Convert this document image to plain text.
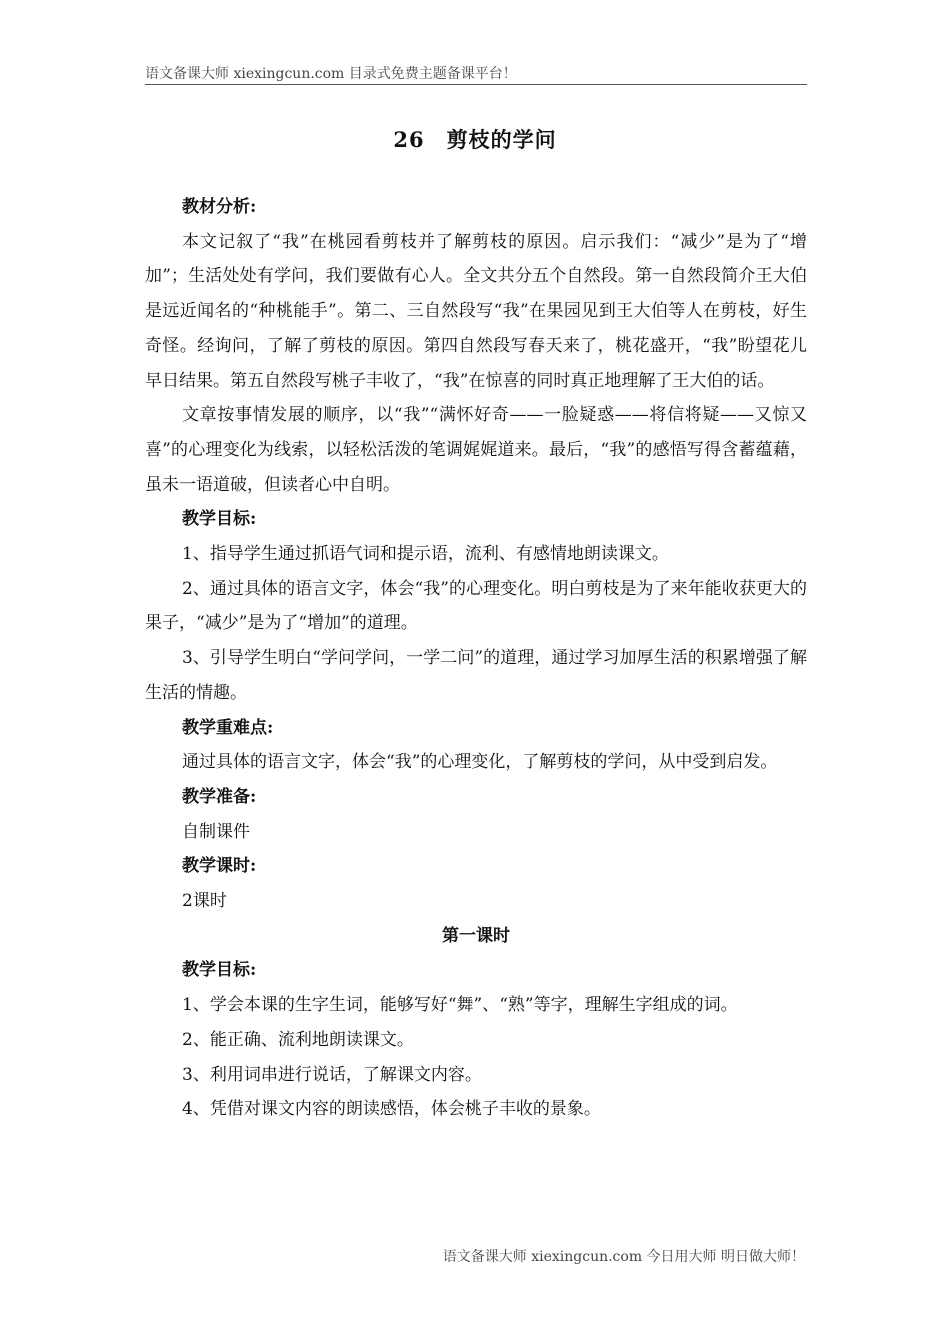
语文备课大师 xiexingcun.com 目录式免费主题备课平台！
26　剪枝的学问

教材分析:

本文记叙了“我”在桃园看剪枝并了解剪枝的原因。启示我们：“减少”是为了“增加”；生活处处有学问，我们要做有心人。全文共分五个自然段。第一自然段简介王大伯是远近闻名的“种桃能手”。第二、三自然段写“我”在果园见到王大伯等人在剪枝，好生奇怪。经询问，了解了剪枝的原因。第四自然段写春天来了，桃花盛开，“我”盼望花儿早日结果。第五自然段写桃子丰收了，“我”在惊喜的同时真正地理解了王大伯的话。

文章按事情发展的顺序，以“我”“满怀好奇——一脸疑惑——将信将疑——又惊又喜”的心理变化为线索，以轻松活泼的笔调娓娓道来。最后，“我”的感悟写得含蓄蕴藉，虽未一语道破，但读者心中自明。

教学目标:

1、指导学生通过抓语气词和提示语，流利、有感情地朗读课文。

2、通过具体的语言文字，体会“我”的心理变化。明白剪枝是为了来年能收获更大的果子，“减少”是为了“增加”的道理。

3、引导学生明白“学问学问，一学二问”的道理，通过学习加厚生活的积累增强了解生活的情趣。

教学重难点:

通过具体的语言文字，体会“我”的心理变化，了解剪枝的学问，从中受到启发。

教学准备:

自制课件

教学课时:

2课时

第一课时

教学目标:

1、学会本课的生字生词，能够写好“舞”、“熟”等字，理解生字组成的词。

2、能正确、流利地朗读课文。

3、利用词串进行说话，了解课文内容。

4、凭借对课文内容的朗读感悟，体会桃子丰收的景象。

语文备课大师 xiexingcun.com 今日用大师 明日做大师！
